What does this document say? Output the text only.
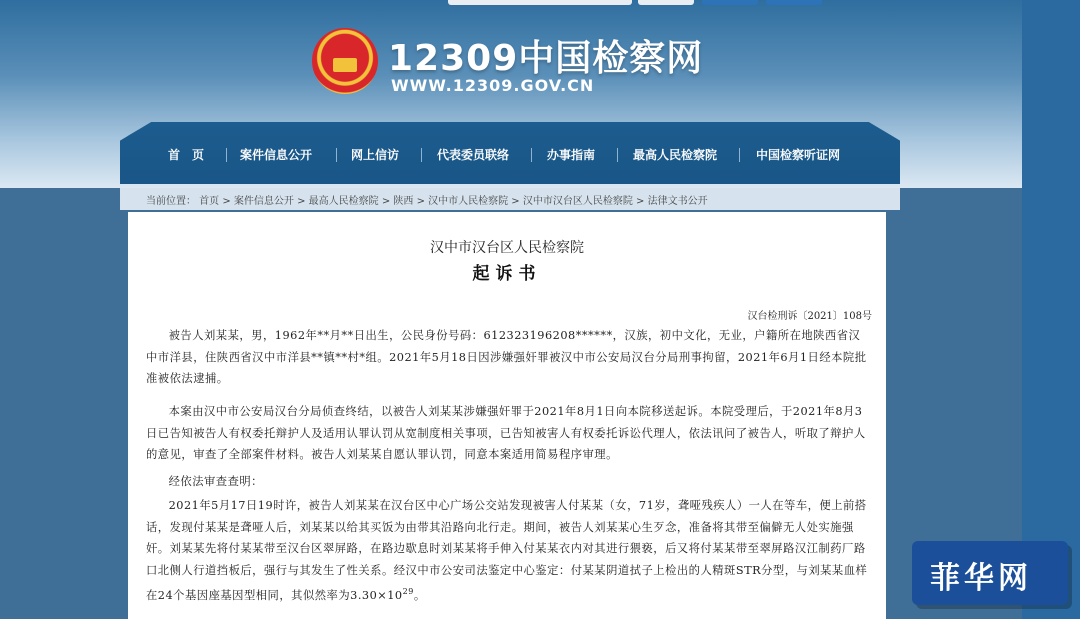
12309中国检察网
WWW.12309.GOV.CN
首　页	案件信息公开	网上信访	代表委员联络	办事指南	最高人民检察院	中国检察听证网
当前位置： 首页 > 案件信息公开 > 最高人民检察院 > 陕西 > 汉中市人民检察院 > 汉中市汉台区人民检察院 > 法律文书公开
汉中市汉台区人民检察院
起诉书
汉台检刑诉〔2021〕108号

被告人刘某某，男，1962年**月**日出生，公民身份号码：612323196208******，汉族，初中文化，无业，户籍所在地陕西省汉中市洋县，住陕西省汉中市洋县**镇**村*组。2021年5月18日因涉嫌强奸罪被汉中市公安局汉台分局刑事拘留，2021年6月1日经本院批准被依法逮捕。

本案由汉中市公安局汉台分局侦查终结，以被告人刘某某涉嫌强奸罪于2021年8月1日向本院移送起诉。本院受理后，于2021年8月3日已告知被告人有权委托辩护人及适用认罪认罚从宽制度相关事项，已告知被害人有权委托诉讼代理人，依法讯问了被告人，听取了辩护人的意见，审查了全部案件材料。被告人刘某某自愿认罪认罚，同意本案适用简易程序审理。

经依法审查查明：

2021年5月17日19时许，被告人刘某某在汉台区中心广场公交站发现被害人付某某（女，71岁，聋哑残疾人）一人在等车，便上前搭话，发现付某某是聋哑人后，刘某某以给其买饭为由带其沿路向北行走。期间，被告人刘某某心生歹念，准备将其带至偏僻无人处实施强奸。刘某某先将付某某带至汉台区翠屏路，在路边歇息时刘某某将手伸入付某某衣内对其进行猥亵，后又将付某某带至翠屏路汉江制药厂路口北侧人行道挡板后，强行与其发生了性关系。经汉中市公安司法鉴定中心鉴定：付某某阴道拭子上检出的人精斑STR分型，与刘某某血样在24个基因座基因型相同，其似然率为$3.30\times 10^{29}$。	菲华网
